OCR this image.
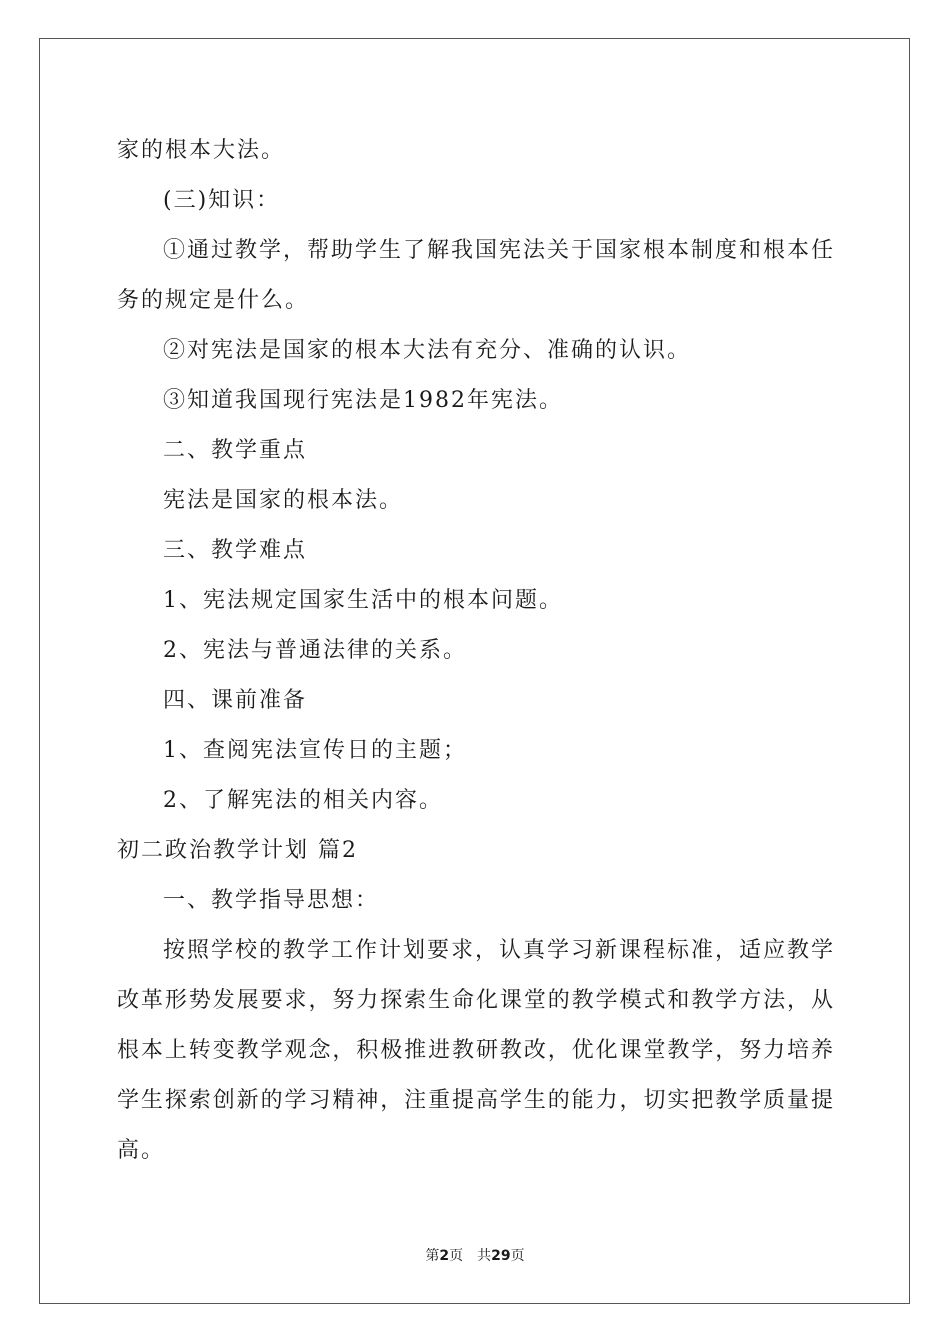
家的根本大法。
(三)知识：
①通过教学，帮助学生了解我国宪法关于国家根本制度和根本任
务的规定是什么。
②对宪法是国家的根本大法有充分、准确的认识。
③知道我国现行宪法是1982年宪法。
二、教学重点
宪法是国家的根本法。
三、教学难点
1、宪法规定国家生活中的根本问题。
2、宪法与普通法律的关系。
四、课前准备
1、查阅宪法宣传日的主题；
2、了解宪法的相关内容。
初二政治教学计划 篇2
一、教学指导思想：
按照学校的教学工作计划要求，认真学习新课程标准，适应教学
改革形势发展要求，努力探索生命化课堂的教学模式和教学方法，从
根本上转变教学观念，积极推进教研教改，优化课堂教学，努力培养
学生探索创新的学习精神，注重提高学生的能力，切实把教学质量提
高。
第2页 共29页
